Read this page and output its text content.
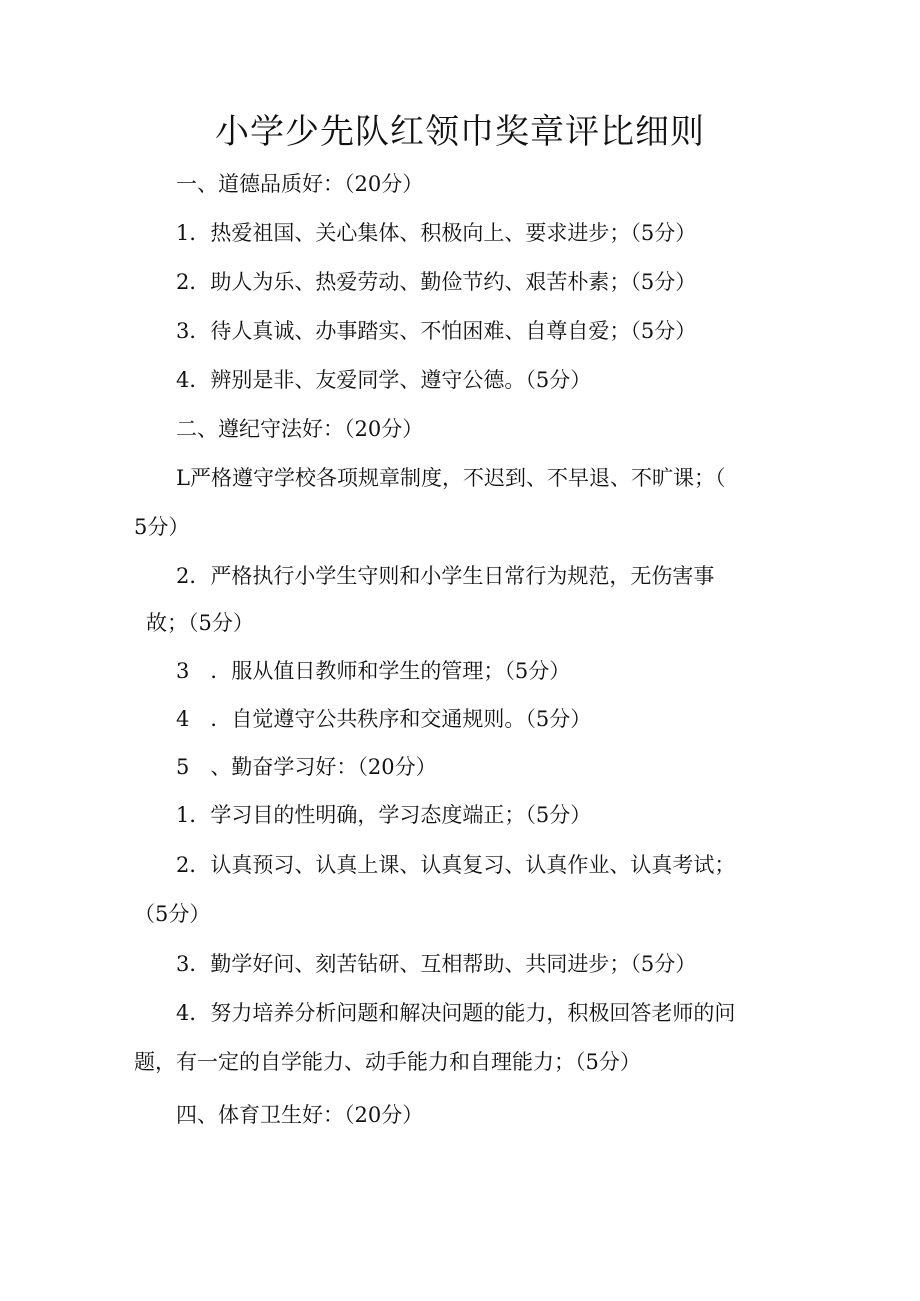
小学少先队红领巾奖章评比细则
一、道德品质好：（20分）
1．热爱祖国、关心集体、积极向上、要求进步；（5分）
2．助人为乐、热爱劳动、勤俭节约、艰苦朴素；（5分）
3．待人真诚、办事踏实、不怕困难、自尊自爱；（5分）
4．辨别是非、友爱同学、遵守公德。（5分）
二、遵纪守法好：（20分）
L严格遵守学校各项规章制度，不迟到、不早退、不旷课；（
5分）
2．严格执行小学生守则和小学生日常行为规范，无伤害事
故；（5分）
3　．服从值日教师和学生的管理；（5分）
4　．自觉遵守公共秩序和交通规则。（5分）
5　、勤奋学习好：（20分）
1．学习目的性明确，学习态度端正；（5分）
2．认真预习、认真上课、认真复习、认真作业、认真考试；
（5分）
3．勤学好问、刻苦钻研、互相帮助、共同进步；（5分）
4．努力培养分析问题和解决问题的能力，积极回答老师的问
题，有一定的自学能力、动手能力和自理能力；（5分）
四、体育卫生好：（20分）
